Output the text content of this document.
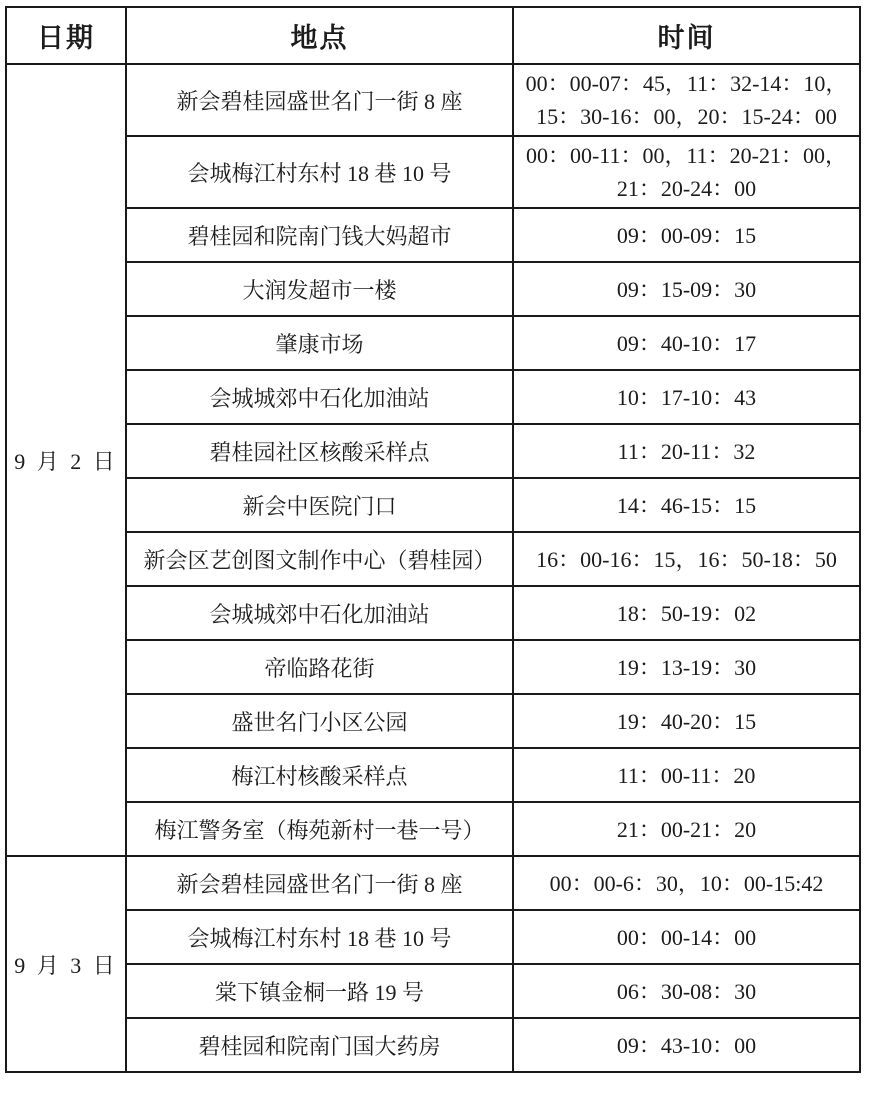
日期	地点	时间
9 月 2 日	新会碧桂园盛世名门一街 8 座	00：00-07：45，11：32-14：10，15：30-16：00，20：15-24：00
	会城梅江村东村 18 巷 10 号	00：00-11：00，11：20-21：00，21：20-24：00
	碧桂园和院南门钱大妈超市	09：00-09：15
	大润发超市一楼	09：15-09：30
	肇康市场	09：40-10：17
	会城城郊中石化加油站	10：17-10：43
	碧桂园社区核酸采样点	11：20-11：32
	新会中医院门口	14：46-15：15
	新会区艺创图文制作中心（碧桂园）	16：00-16：15，16：50-18：50
	会城城郊中石化加油站	18：50-19：02
	帝临路花街	19：13-19：30
	盛世名门小区公园	19：40-20：15
	梅江村核酸采样点	11：00-11：20
	梅江警务室（梅苑新村一巷一号）	21：00-21：20
9 月 3 日	新会碧桂园盛世名门一街 8 座	00：00-6：30，10：00-15:42
	会城梅江村东村 18 巷 10 号	00：00-14：00
	棠下镇金桐一路 19 号	06：30-08：30
	碧桂园和院南门国大药房	09：43-10：00
